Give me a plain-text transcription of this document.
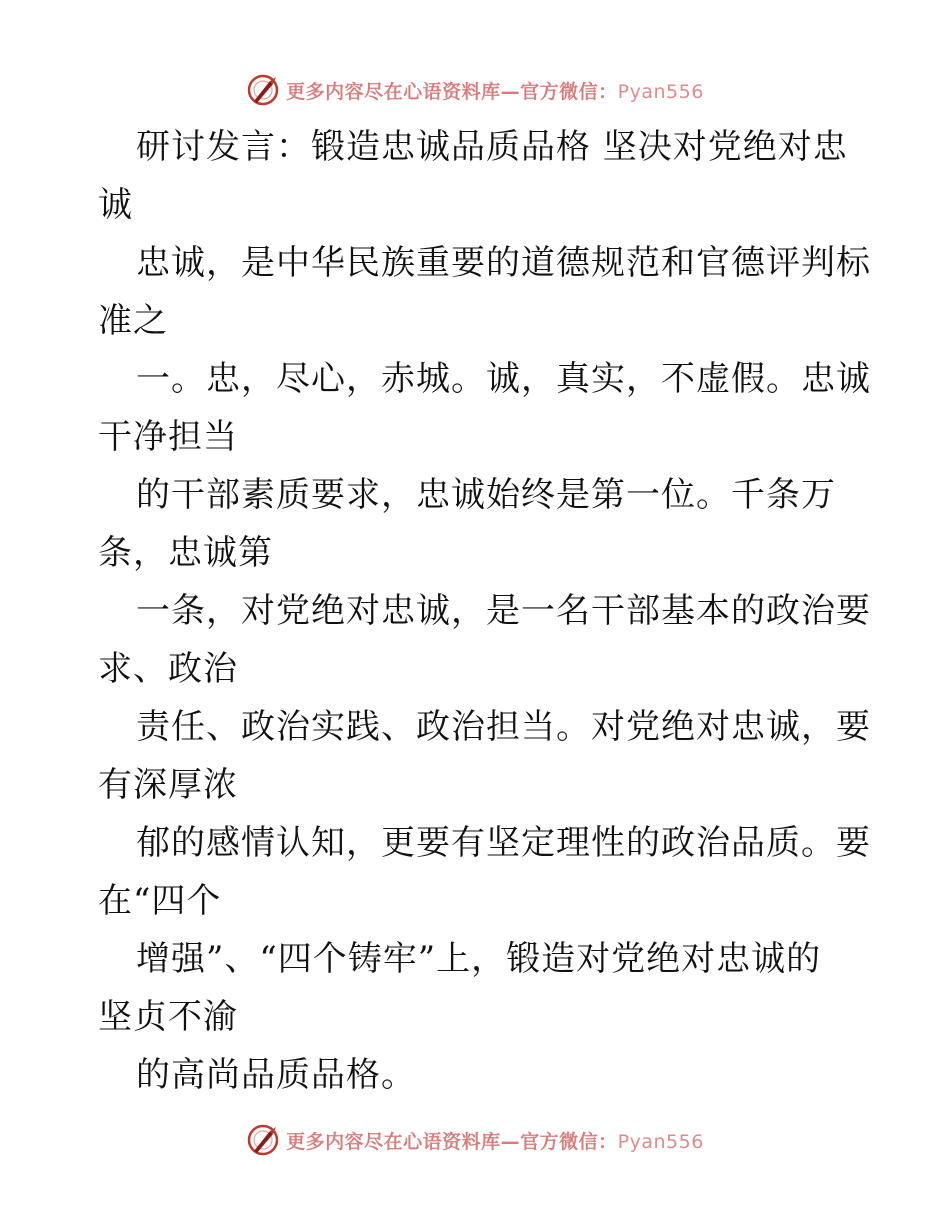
更多内容尽在心语资料库—官方微信：Pyan556
研讨发言：锻造忠诚品质品格 坚决对党绝对忠
诚
忠诚，是中华民族重要的道德规范和官德评判标
准之
一。忠，尽心，赤城。诚，真实，不虚假。忠诚
干净担当
的干部素质要求，忠诚始终是第一位。千条万
条，忠诚第
一条，对党绝对忠诚，是一名干部基本的政治要
求、政治
责任、政治实践、政治担当。对党绝对忠诚，要
有深厚浓
郁的感情认知，更要有坚定理性的政治品质。要
在“四个
增强”、“四个铸牢”上，锻造对党绝对忠诚的
坚贞不渝
的高尚品质品格。
更多内容尽在心语资料库—官方微信：Pyan556
